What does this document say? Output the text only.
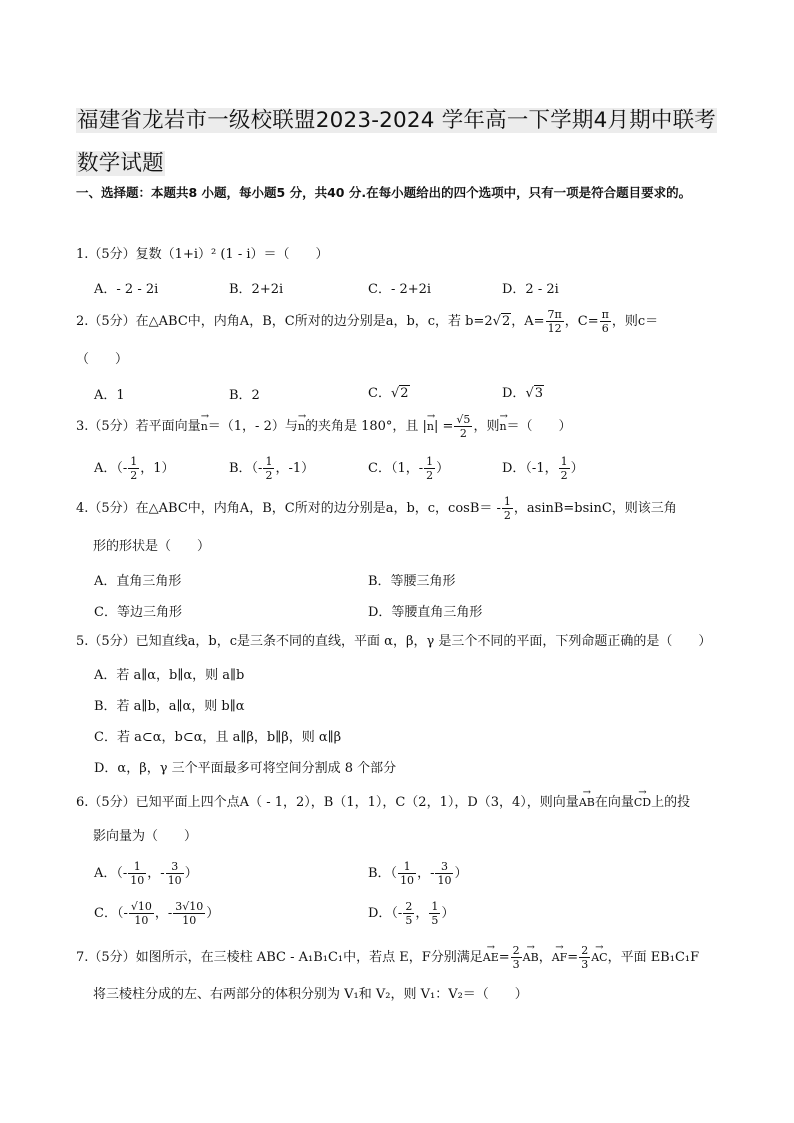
福建省龙岩市一级校联盟2023-2024 学年高一下学期4月期中联考
数学试题
一、选择题：本题共8 小题，每小题5 分，共40 分.在每小题给出的四个选项中，只有一项是符合题目要求的。
1.（5分）复数（1+i）² (1 - i）＝（　　）
A．- 2 - 2i	B．2+2i	C．- 2+2i	D．2 - 2i
2.（5分）在△ABC中，内角A，B，C所对的边分别是a，b，c，若 b=2√2，$A= \frac{7\pi}{12}$ ，$C= \frac{\pi}{6}$ ，则c＝
（　　）
A．1	B．2	C．√2	D．√3
3.（5分）若平面向量→ n＝（1，- 2）与→ n的夹角是 180°，且 |→ $n| = \frac{√5}{2}$ ，则→ n＝（　　）
A．（- $\frac{1}{2}$ ，1）	B．（- $\frac{1}{2}$ ，-1）	C．（1，- $\frac{1}{2}$ ）	D．（-1， $\frac{1}{2}$ ）
4.（5分）在△ABC中，内角A，B，C所对的边分别是a，b，c，$\cos B= - \frac{1}{2}$ ，asinB=bsinC，则该三角
形的形状是（　　）
A．直角三角形	B．等腰三角形
C．等边三角形	D．等腰直角三角形
5.（5分）已知直线a，b，c是三条不同的直线，平面 α，β，γ 是三个不同的平面，下列命题正确的是（　　）
A．若 a∥α，b∥α，则 a∥b
B．若 a∥b，a∥α，则 b∥α
C．若 a⊂α，b⊂α，且 a∥β，b∥β，则 α∥β
D．α，β，γ 三个平面最多可将空间分割成 8 个部分
6.（5分）已知平面上四个点A（ - 1，2），B（1，1），C（2，1），D（3，4），则向量→ AB在向量→ CD上的投
影向量为（　　）
A．（- $\frac{1}{10}$ ，- $\frac{3}{10}$ ）	B．（ $\frac{1}{10}$ ，- $\frac{3}{10}$ ）
C．（- $\frac{√10}{10}$ ，- $\frac{3√10}{10}$ ）	D．（- $\frac{2}{5}$ ， $\frac{1}{5}$ ）
7.（5分）如图所示，在三棱柱 ABC - A₁B₁C₁中，若点 E，F分别满足→ $AE= \frac{2}{3}$ → AB，→ $AF= \frac{2}{3}$ → AC，平面 EB₁C₁F
将三棱柱分成的左、右两部分的体积分别为 V₁和 V₂，则 V₁：V₂＝（　　）
